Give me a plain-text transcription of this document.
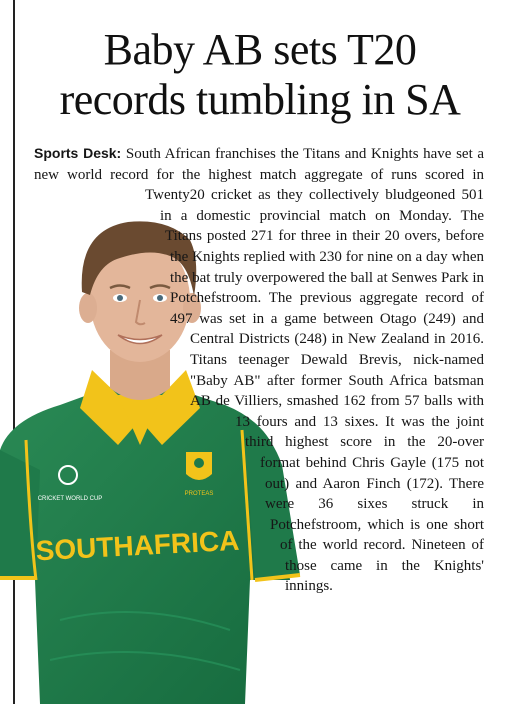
Baby AB sets T20
records tumbling in SA
CRICKET WORLD CUP
PROTEAS
SOUTHAFRICA

Sports Desk: South African franchises the Titans and Knights have set a new world record for the highest match aggregate of runs scored in Twenty20 cricket as they collectively bludgeoned 501 in a domestic provincial match on Monday. The Titans posted 271 for three in their 20 overs, before the Knights replied with 230 for nine on a day when the bat truly overpowered the ball at Senwes Park in Potchefstroom. The previous aggregate record of 497 was set in a game between Otago (249) and Central Districts (248) in New Zealand in 2016. Titans teenager Dewald Brevis, nick-named "Baby AB" after former South Africa batsman AB de Villiers, smashed 162 from 57 balls with 13 fours and 13 sixes. It was the joint third highest score in the 20-over format behind Chris Gayle (175 not out) and Aaron Finch (172). There were 36 sixes struck in Potchefstroom, which is one short of the world record. Nineteen of those came in the Knights' innings.
